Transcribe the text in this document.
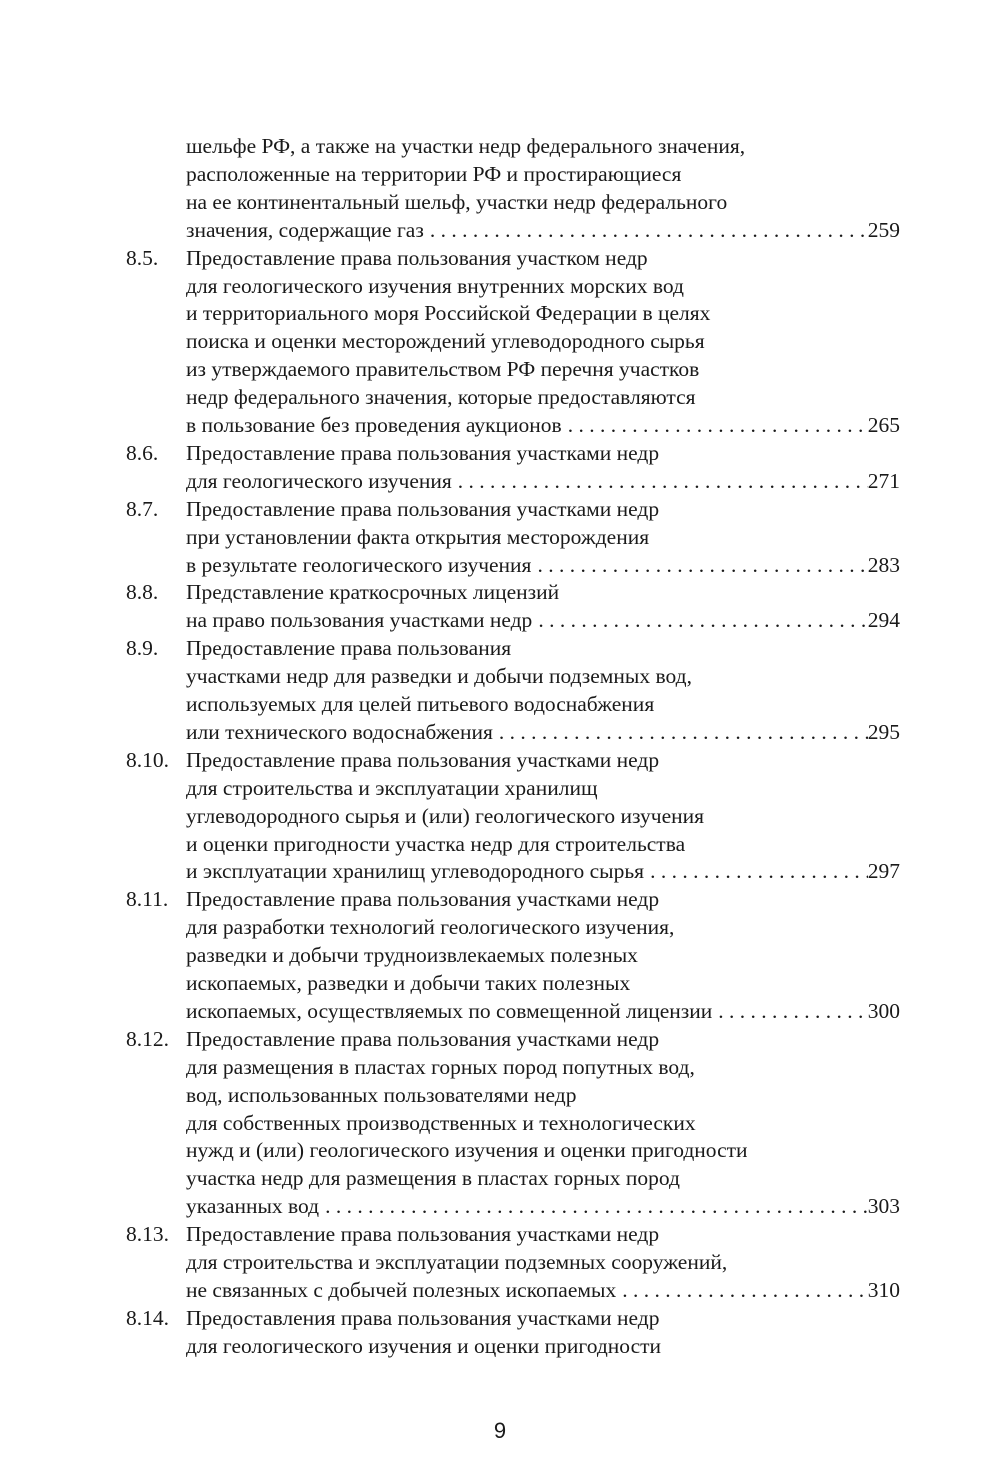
шельфе РФ, а также на участки недр федерального значения,
расположенные на территории РФ и простирающиеся
на ее континентальный шельф, участки недр федерального
значения, содержащие газ . . .	259
8.5. Предоставление права пользования участком недр
для геологического изучения внутренних морских вод
и территориального моря Российской Федерации в целях
поиска и оценки месторождений углеводородного сырья
из утверждаемого правительством РФ перечня участков
недр федерального значения, которые предоставляются
в пользование без проведения аукционов . . .	265
8.6. Предоставление права пользования участками недр
для геологического изучения . . .	271
8.7. Предоставление права пользования участками недр
при установлении факта открытия месторождения
в результате геологического изучения . . .	283
8.8. Представление краткосрочных лицензий
на право пользования участками недр . . .	294
8.9. Предоставление права пользования
участками недр для разведки и добычи подземных вод,
используемых для целей питьевого водоснабжения
или технического водоснабжения . . .	295
8.10. Предоставление права пользования участками недр
для строительства и эксплуатации хранилищ
углеводородного сырья и (или) геологического изучения
и оценки пригодности участка недр для строительства
и эксплуатации хранилищ углеводородного сырья . . .	297
8.11. Предоставление права пользования участками недр
для разработки технологий геологического изучения,
разведки и добычи трудноизвлекаемых полезных
ископаемых, разведки и добычи таких полезных
ископаемых, осуществляемых по совмещенной лицензии . . .	300
8.12. Предоставление права пользования участками недр
для размещения в пластах горных пород попутных вод,
вод, использованных пользователями недр
для собственных производственных и технологических
нужд и (или) геологического изучения и оценки пригодности
участка недр для размещения в пластах горных пород
указанных вод . . .	303
8.13. Предоставление права пользования участками недр
для строительства и эксплуатации подземных сооружений,
не связанных с добычей полезных ископаемых . . .	310
8.14. Предоставления права пользования участками недр
для геологического изучения и оценки пригодности
9
